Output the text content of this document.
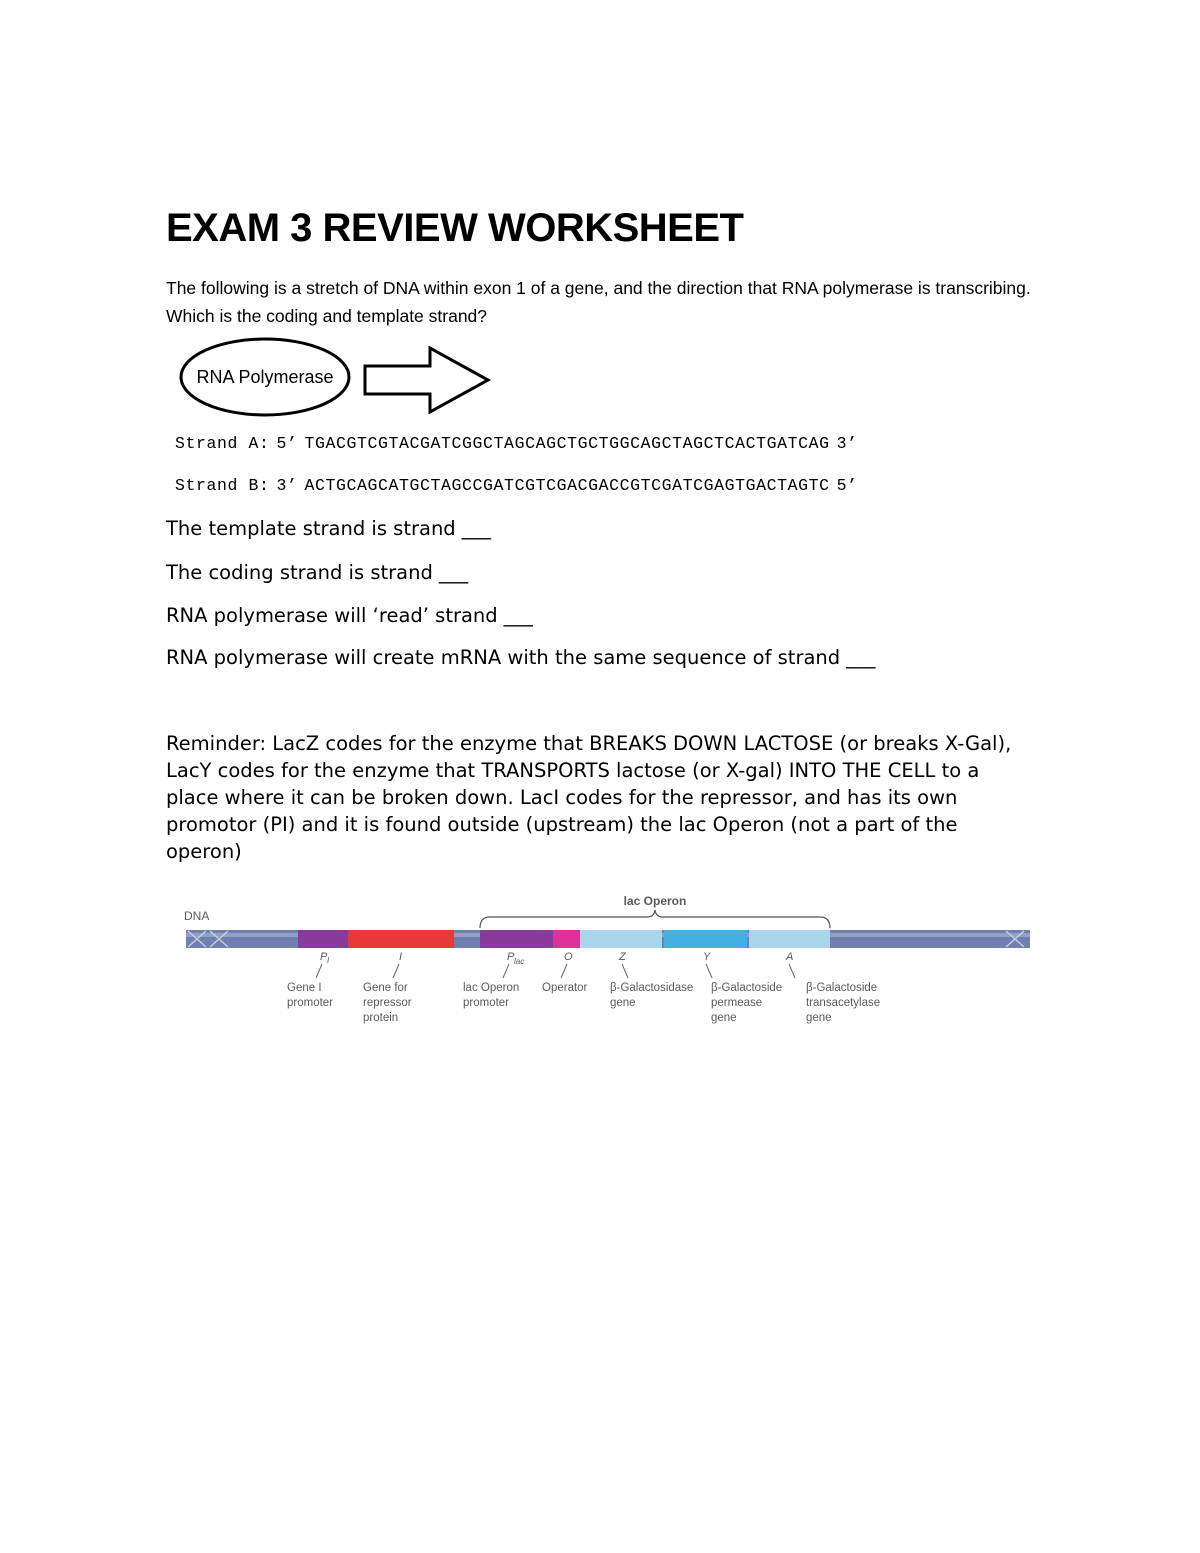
EXAM 3 REVIEW WORKSHEET

The following is a stretch of DNA within exon 1 of a gene, and the direction that RNA polymerase is transcribing. Which is the coding and template strand?

RNA Polymerase

Strand A: 5’ TGACGTCGTACGATCGGCTAGCAGCTGCTGGCAGCTAGCTCACTGATCAG 3’

Strand B: 3’ ACTGCAGCATGCTAGCCGATCGTCGACGACCGTCGATCGAGTGACTAGTC 5’

The template strand is strand ___

The coding strand is strand ___

RNA polymerase will ‘read’ strand ___

RNA polymerase will create mRNA with the same sequence of strand ___

Reminder: LacZ codes for the enzyme that BREAKS DOWN LACTOSE (or breaks X-Gal), LacY codes for the enzyme that TRANSPORTS lactose (or X-gal) INTO THE CELL to a place where it can be broken down. LacI codes for the repressor, and has its own promotor (PI) and it is found outside (upstream) the lac Operon (not a part of the operon)

DNA
lac Operon
P I
Gene I
promoter
I
Gene for
repressor
protein
P lac
lac Operon
promoter
O
Operator
Z
β-Galactosidase
gene
Y
β-Galactoside
permease
gene
A
β-Galactoside
transacetylase
gene
